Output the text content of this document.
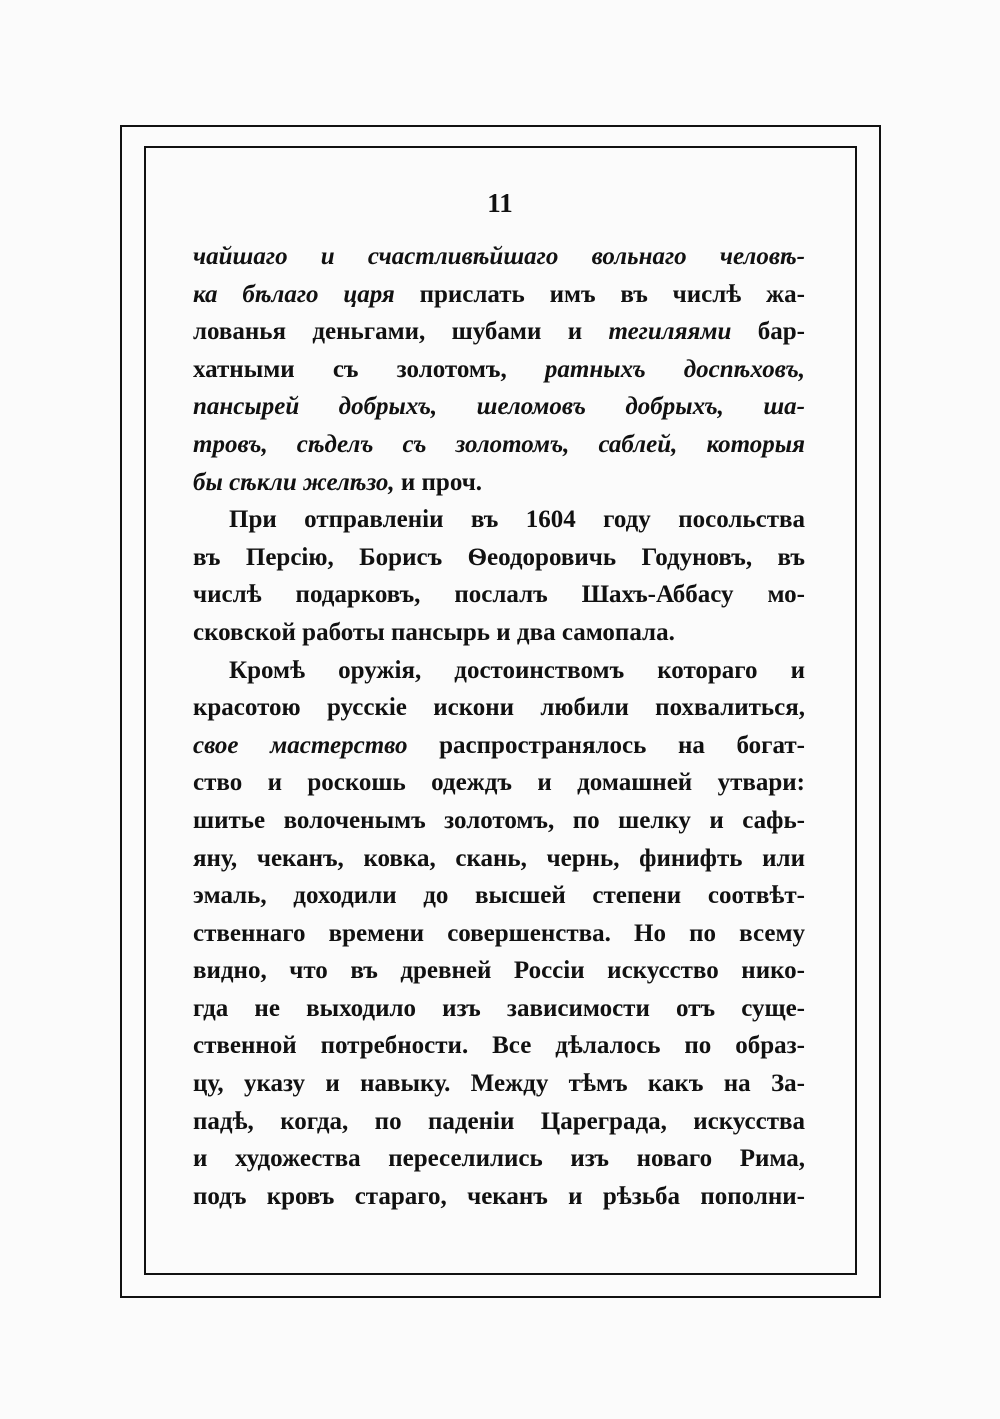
11
чайшаго и счастливѣйшаго вольнаго человѣ-
ка бѣлаго царя прислать имъ въ числѣ жа-
лованья деньгами, шубами и тегиляями бар-
хатными съ золотомъ, ратныхъ доспѣховъ,
пансырей добрыхъ, шеломовъ добрыхъ, ша-
тровъ, сѣделъ съ золотомъ, саблей, которыя
бы сѣкли желѣзо, и проч.
При отправленіи въ 1604 году посольства
въ Персію, Борисъ Ѳеодоровичь Годуновъ, въ
числѣ подарковъ, послалъ Шахъ-Аббасу мо-
сковской работы пансырь и два самопала.
Кромѣ оружія, достоинствомъ котораго и
красотою русскіе искони любили похвалиться,
свое мастерство распространялось на богат-
ство и роскошь одеждъ и домашней утвари:
шитье волоченымъ золотомъ, по шелку и сафь-
яну, чеканъ, ковка, скань, чернь, финифть или
эмаль, доходили до высшей степени соотвѣт-
ственнаго времени совершенства. Но по всему
видно, что въ древней Россіи искусство нико-
гда не выходило изъ зависимости отъ суще-
ственной потребности. Все дѣлалось по образ-
цу, указу и навыку. Между тѣмъ какъ на За-
падѣ, когда, по паденіи Цареграда, искусства
и художества переселились изъ новаго Рима,
подъ кровъ стараго, чеканъ и рѣзьба пополни-
